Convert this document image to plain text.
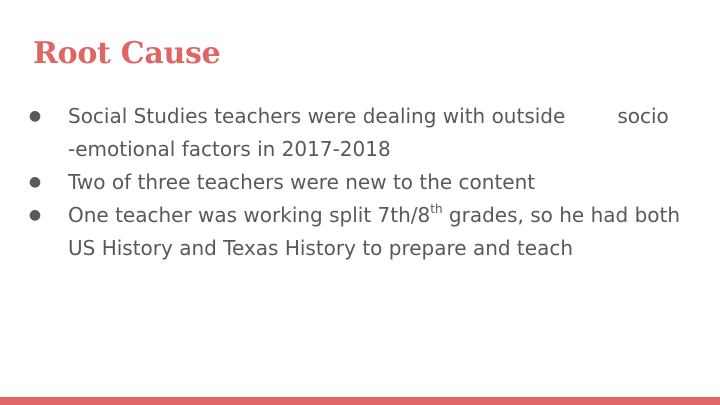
Root Cause
● Social Studies teachers were dealing with outside	socio
-emotional factors in 2017-2018
● Two of three teachers were new to the content
● One teacher was working split 7th/8th grades, so he had both US History and Texas History to prepare and teach
